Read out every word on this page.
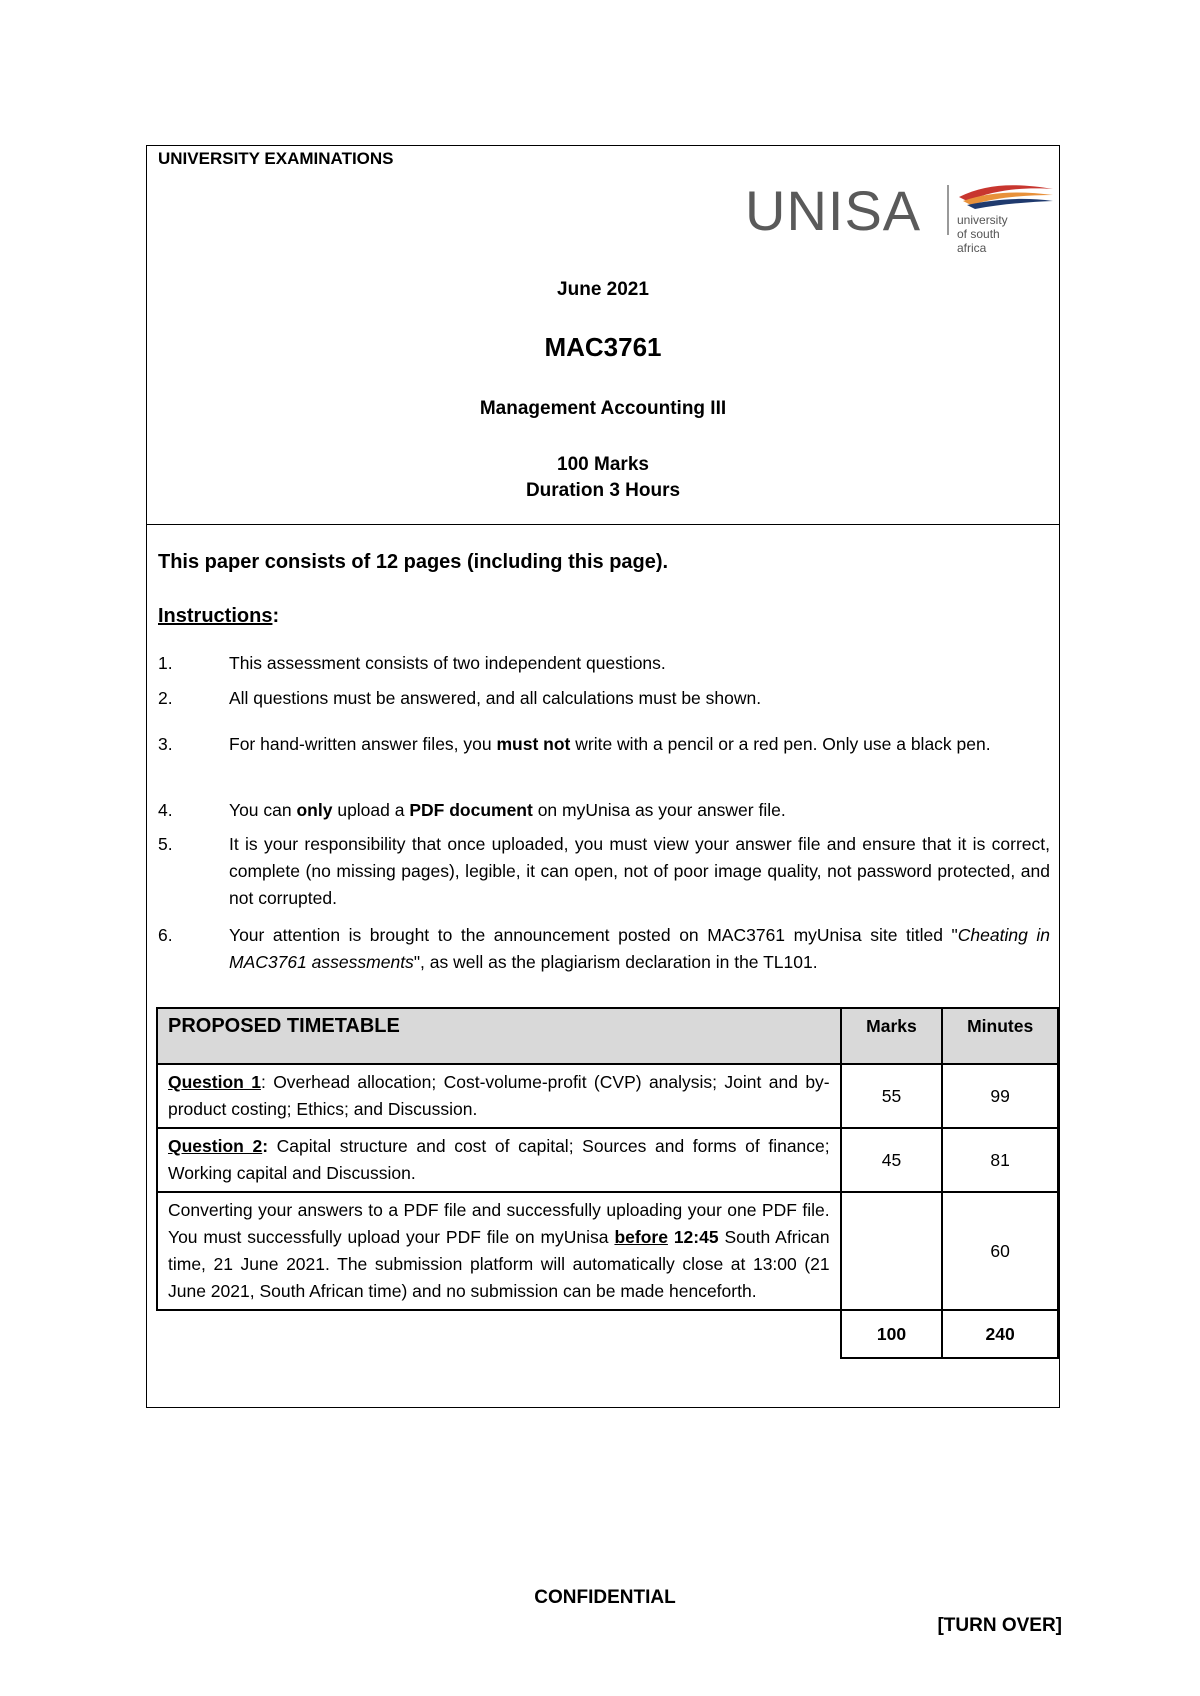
UNIVERSITY EXAMINATIONS
UNISA	university
of south africa
June 2021
MAC3761
Management Accounting III
100 Marks
Duration 3 Hours
This paper consists of 12 pages (including this page).
Instructions:
1.	This assessment consists of two independent questions.
2.	All questions must be answered, and all calculations must be shown.
3.	For hand-written answer files, you must not write with a pencil or a red pen. Only use a black pen.
4.	You can only upload a PDF document on myUnisa as your answer file.
5.	It is your responsibility that once uploaded, you must view your answer file and ensure that it is correct, complete (no missing pages), legible, it can open, not of poor image quality, not password protected, and not corrupted.
6.	Your attention is brought to the announcement posted on MAC3761 myUnisa site titled "Cheating in MAC3761 assessments", as well as the plagiarism declaration in the TL101.
PROPOSED TIMETABLE	Marks	Minutes
Question 1: Overhead allocation; Cost-volume-profit (CVP) analysis; Joint and by-product costing; Ethics; and Discussion.	55	99
Question 2: Capital structure and cost of capital; Sources and forms of finance; Working capital and Discussion.	45	81
Converting your answers to a PDF file and successfully uploading your one PDF file. You must successfully upload your PDF file on myUnisa before 12:45 South African time, 21 June 2021. The submission platform will automatically close at 13:00 (21 June 2021, South African time) and no submission can be made henceforth.		60
	100	240
CONFIDENTIAL
[TURN OVER]
